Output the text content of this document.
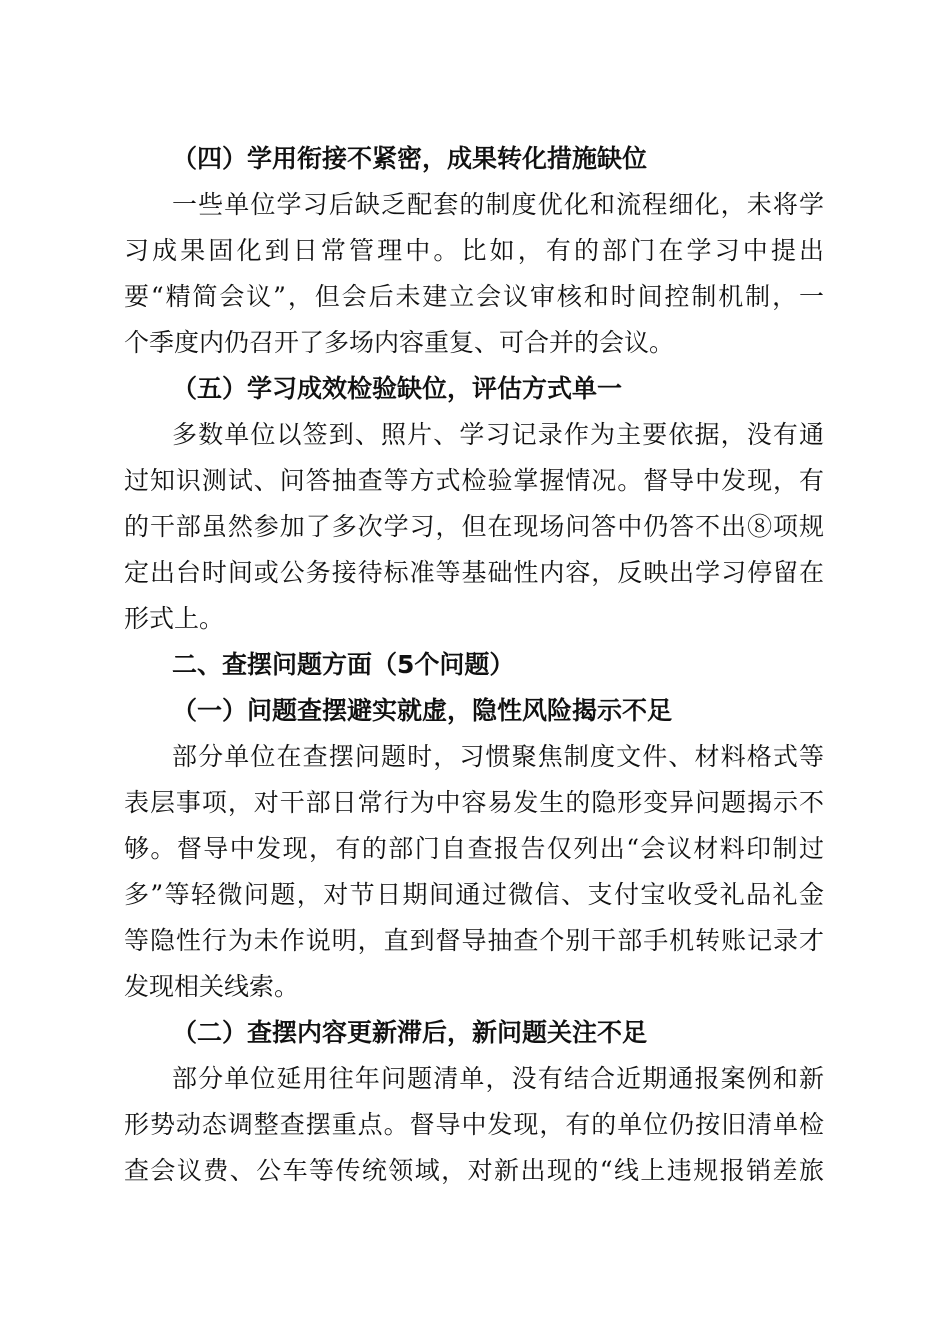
（四）学用衔接不紧密，成果转化措施缺位
一些单位学习后缺乏配套的制度优化和流程细化，未将学
习成果固化到日常管理中。比如，有的部门在学习中提出
要“精简会议”，但会后未建立会议审核和时间控制机制，一
个季度内仍召开了多场内容重复、可合并的会议。
（五）学习成效检验缺位，评估方式单一
多数单位以签到、照片、学习记录作为主要依据，没有通
过知识测试、问答抽查等方式检验掌握情况。督导中发现，有
的干部虽然参加了多次学习，但在现场问答中仍答不出⑧项规
定出台时间或公务接待标准等基础性内容，反映出学习停留在
形式上。
二、查摆问题方面（5个问题）
（一）问题查摆避实就虚，隐性风险揭示不足
部分单位在查摆问题时，习惯聚焦制度文件、材料格式等
表层事项，对干部日常行为中容易发生的隐形变异问题揭示不
够。督导中发现，有的部门自查报告仅列出“会议材料印制过
多”等轻微问题，对节日期间通过微信、支付宝收受礼品礼金
等隐性行为未作说明，直到督导抽查个别干部手机转账记录才
发现相关线索。
（二）查摆内容更新滞后，新问题关注不足
部分单位延用往年问题清单，没有结合近期通报案例和新
形势动态调整查摆重点。督导中发现，有的单位仍按旧清单检
查会议费、公车等传统领域，对新出现的“线上违规报销差旅
